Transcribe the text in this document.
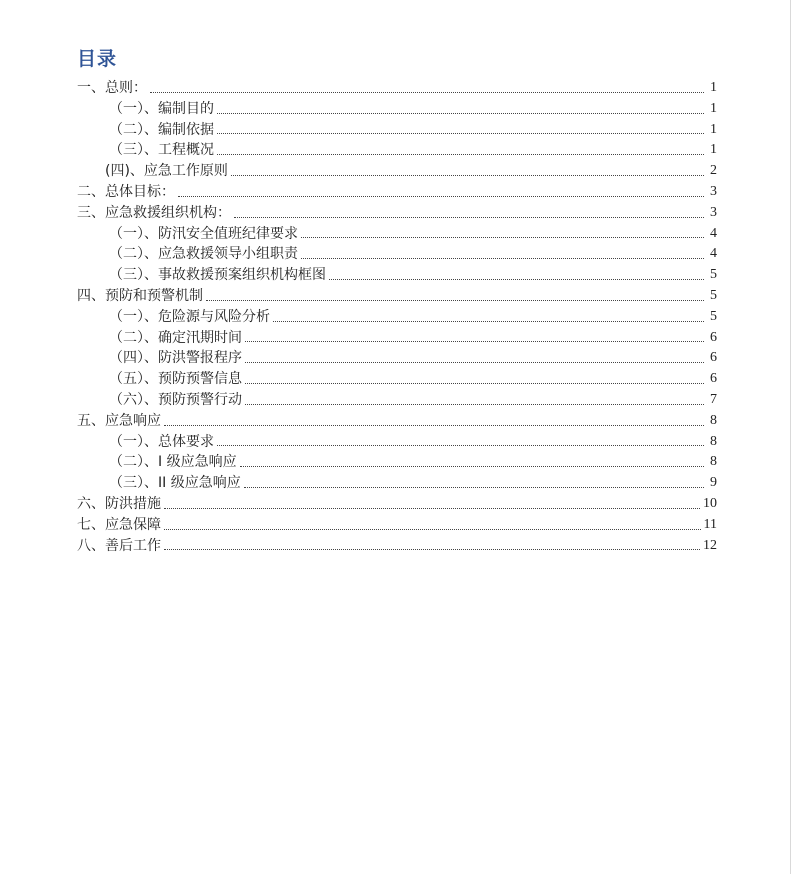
目录
一、总则：	1
（一）、编制目的	1
（二）、编制依据	1
（三）、工程概况	1
(四)、应急工作原则	2
二、总体目标：	3
三、应急救援组织机构：	3
（一）、防汛安全值班纪律要求	4
（二）、应急救援领导小组职责	4
（三）、事故救援预案组织机构框图	5
四、预防和预警机制	5
（一）、危险源与风险分析	5
（二）、确定汛期时间	6
（四）、防洪警报程序	6
（五）、预防预警信息	6
（六）、预防预警行动	7
五、应急响应	8
（一）、总体要求	8
（二）、I 级应急响应	8
（三）、II 级应急响应	9
六、防洪措施	10
七、应急保障	11
八、善后工作	12
